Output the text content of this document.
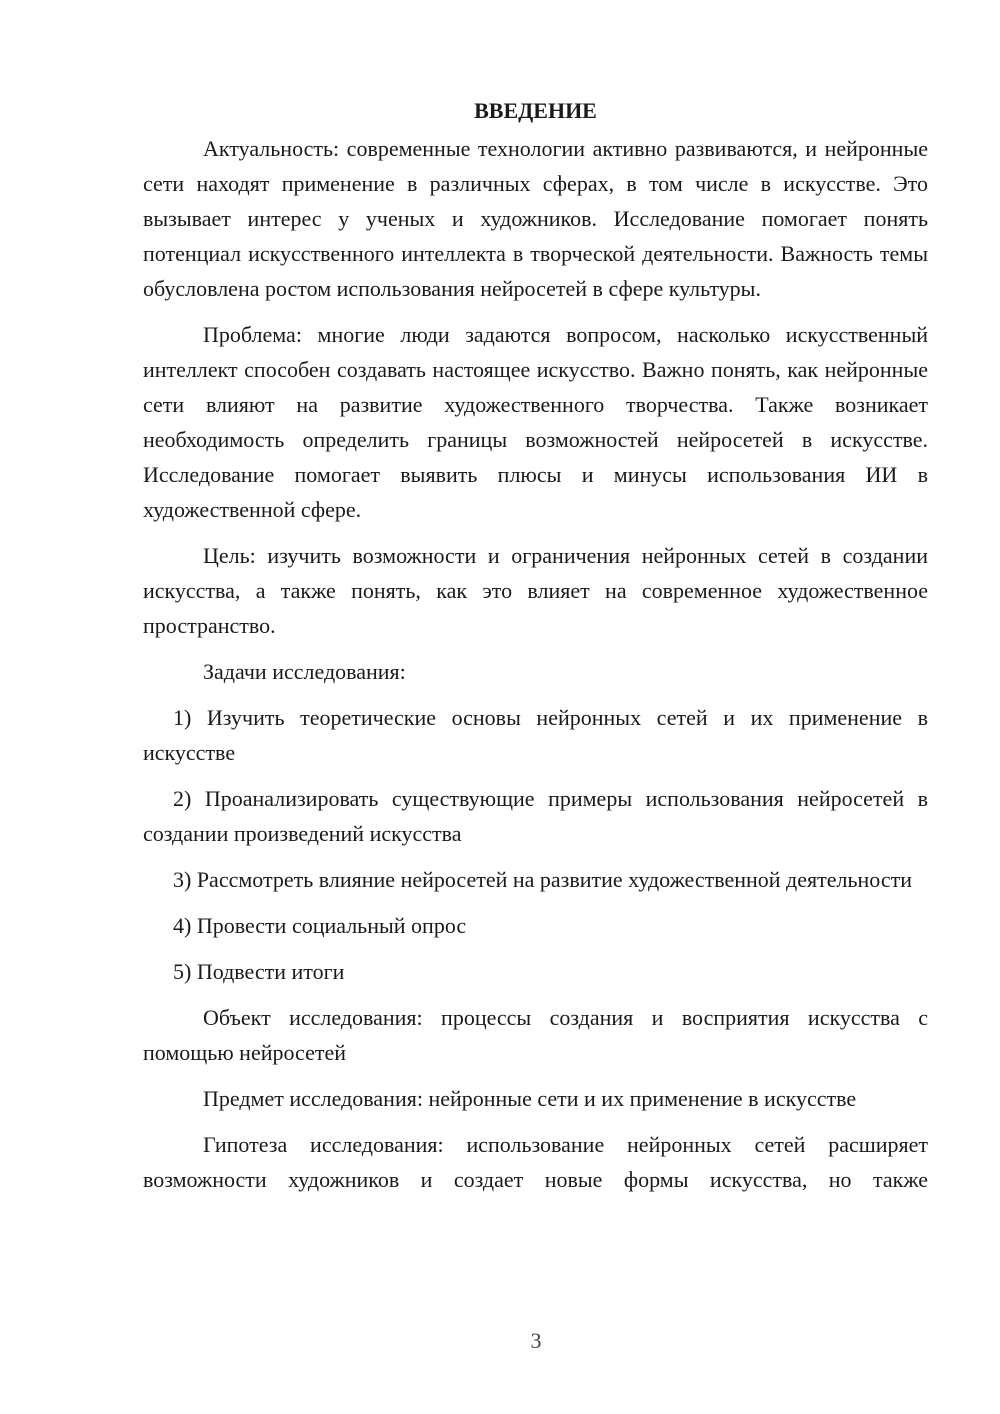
ВВЕДЕНИЕ

Актуальность: современные технологии активно развиваются, и нейронные сети находят применение в различных сферах, в том числе в искусстве. Это вызывает интерес у ученых и художников. Исследование помогает понять потенциал искусственного интеллекта в творческой деятельности. Важность темы обусловлена ростом использования нейросетей в сфере культуры.

Проблема: многие люди задаются вопросом, насколько искусственный интеллект способен создавать настоящее искусство. Важно понять, как нейронные сети влияют на развитие художественного творчества. Также возникает необходимость определить границы возможностей нейросетей в искусстве. Исследование помогает выявить плюсы и минусы использования ИИ в художественной сфере.

Цель: изучить возможности и ограничения нейронных сетей в создании искусства, а также понять, как это влияет на современное художественное пространство.

Задачи исследования:

1) Изучить теоретические основы нейронных сетей и их применение в искусстве

2) Проанализировать существующие примеры использования нейросетей в создании произведений искусства

3) Рассмотреть влияние нейросетей на развитие художественной деятельности

4) Провести социальный опрос

5) Подвести итоги

Объект исследования: процессы создания и восприятия искусства с помощью нейросетей

Предмет исследования: нейронные сети и их применение в искусстве

Гипотеза исследования: использование нейронных сетей расширяет возможности художников и создает новые формы искусства, но также

3
